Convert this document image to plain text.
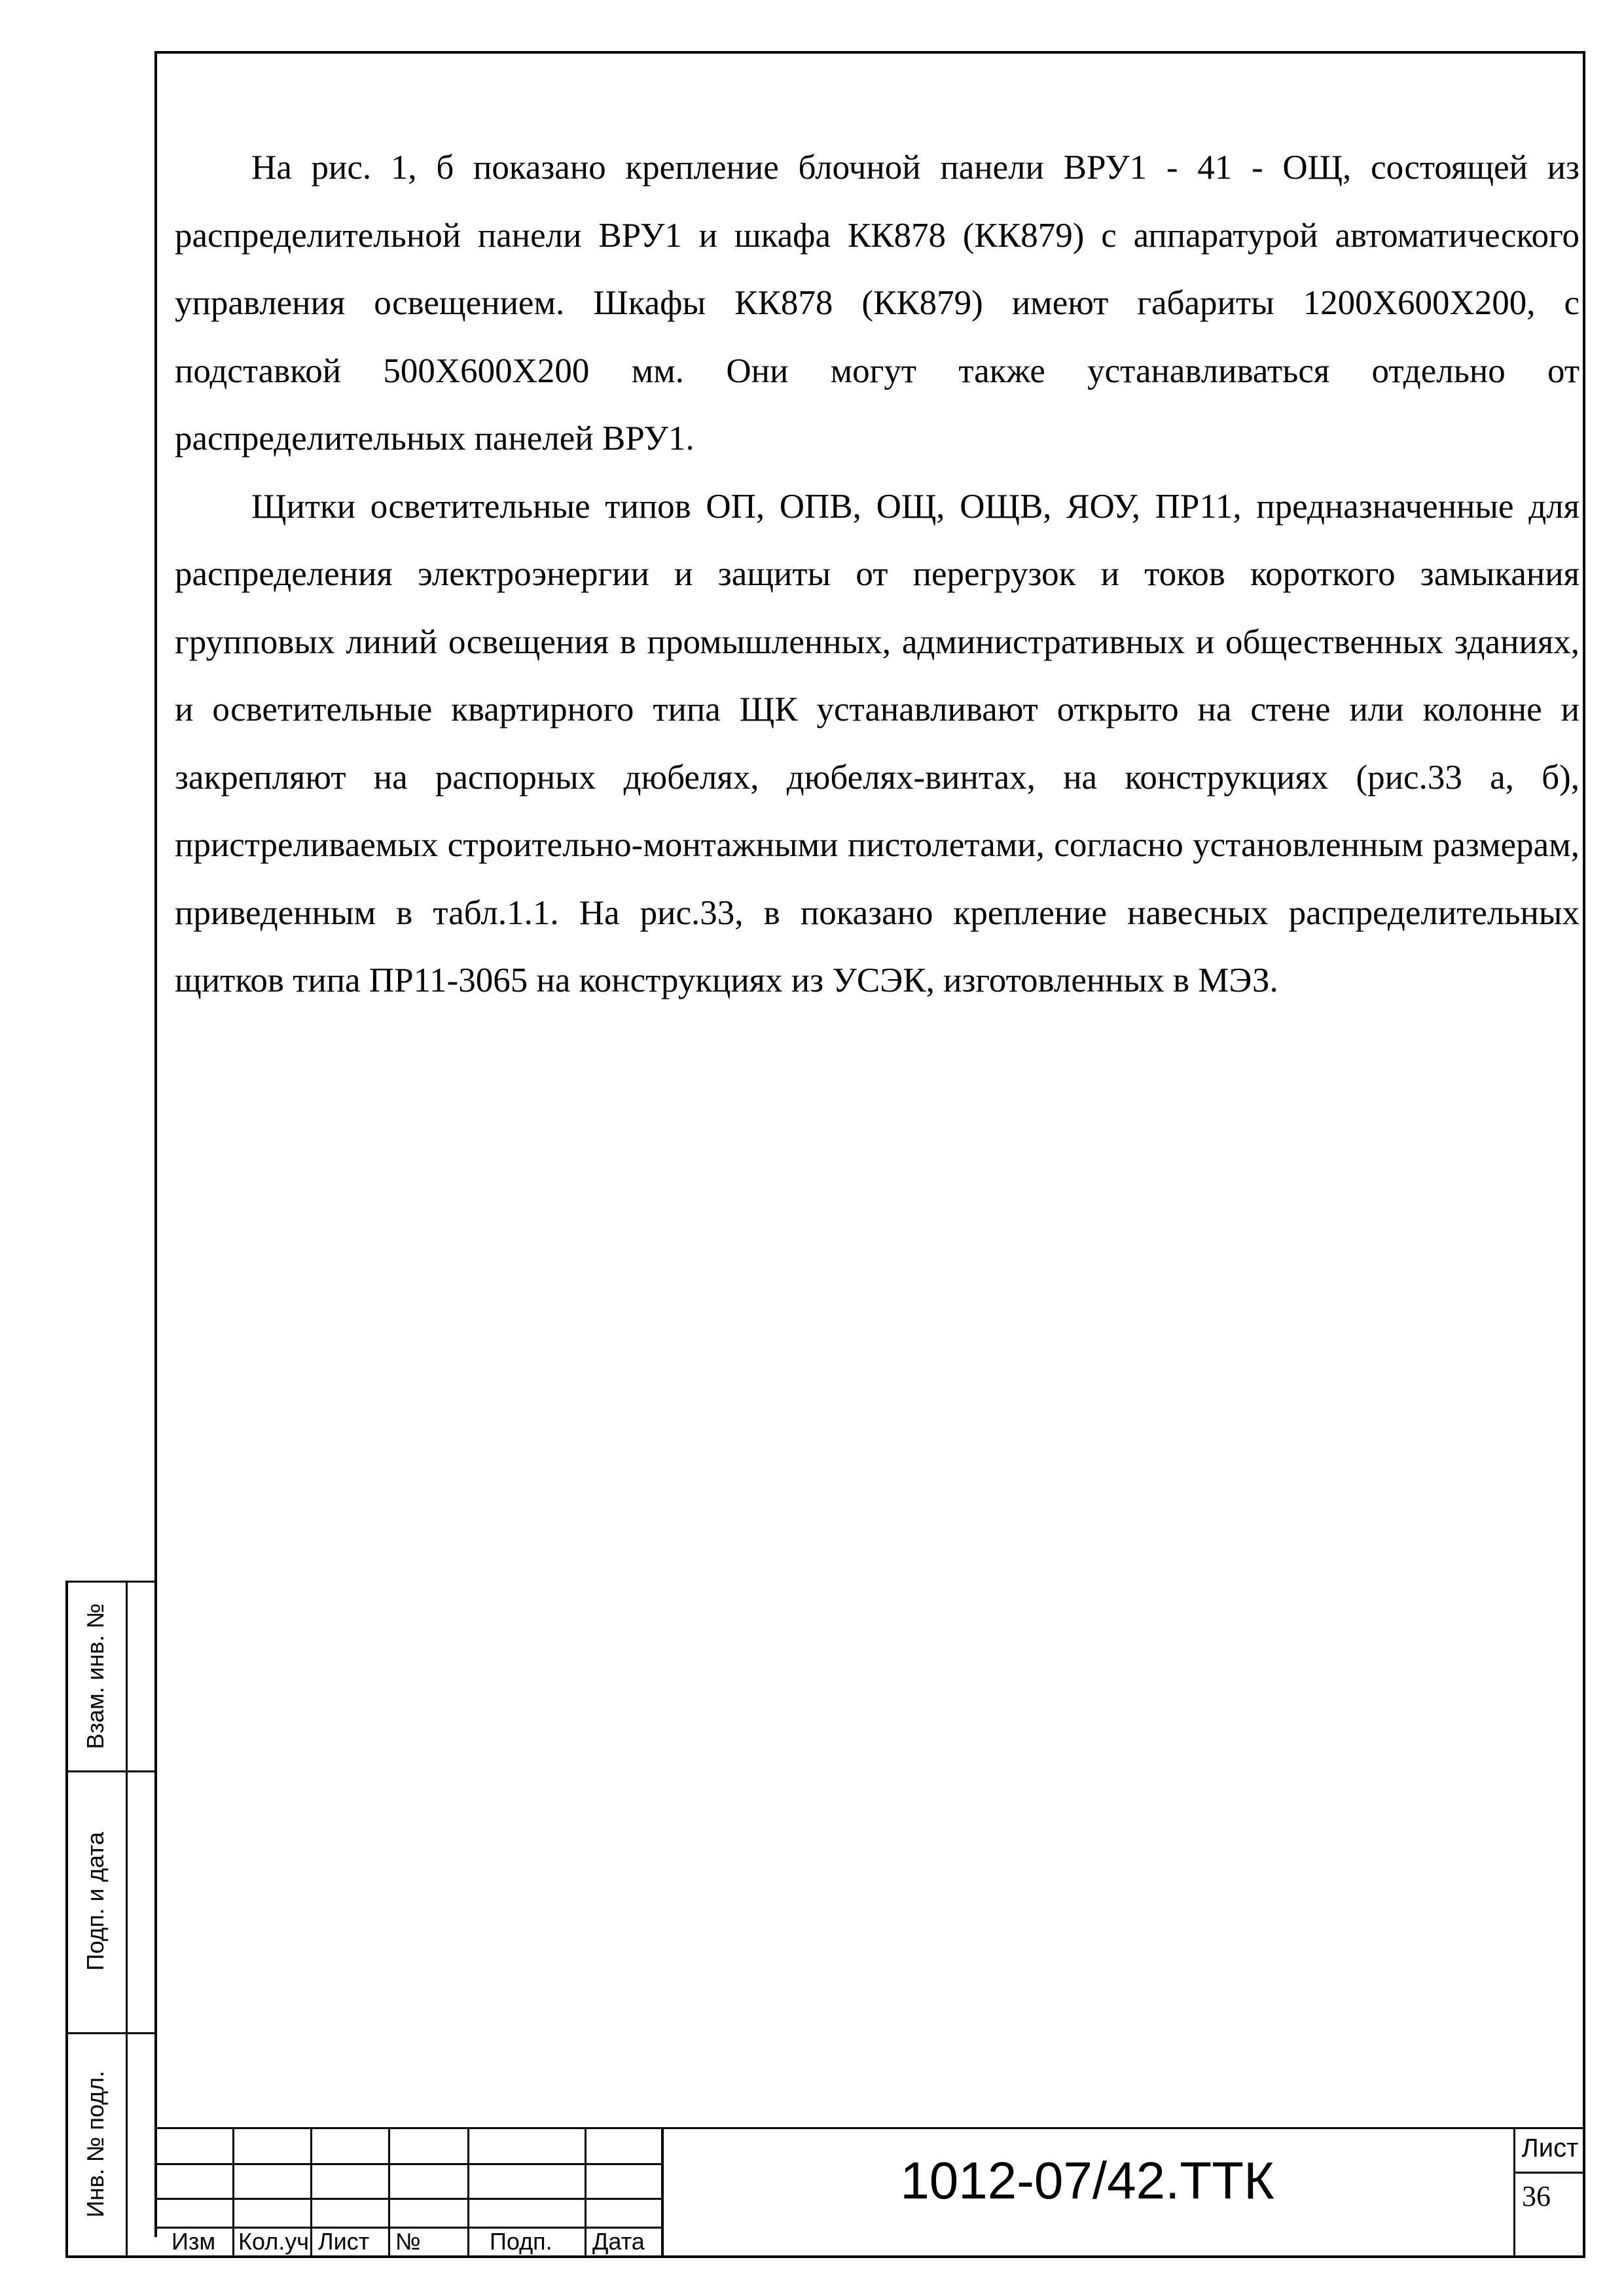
На рис. 1, б показано крепление блочной панели ВРУ1 - 41 - ОЩ, состоящей из распределительной панели ВРУ1 и шкафа КК878 (КК879) с аппаратурой автоматического управления освещением. Шкафы КК878 (КК879) имеют габариты 1200Х600Х200, с подставкой 500Х600Х200 мм. Они могут также устанавливаться отдельно от распределительных панелей ВРУ1.

Щитки осветительные типов ОП, ОПВ, ОЩ, ОЩВ, ЯОУ, ПР11, предназначенные для распределения электроэнергии и защиты от перегрузок и токов короткого замыкания групповых линий освещения в промышленных, административных и общественных зданиях, и осветительные квартирного типа ЩК устанавливают открыто на стене или колонне и закрепляют на распорных дюбелях, дюбелях-винтах, на конструкциях (рис.33 а, б), пристреливаемых строительно-монтажными пистолетами, согласно установленным размерам, приведенным в табл.1.1. На рис.33, в показано крепление навесных распределительных щитков типа ПР11-3065 на конструкциях из УСЭК, изготовленных в МЭЗ.

Взам. инв. №
Подп. и дата
Инв. № подл.
Изм Кол.уч Лист №	Подп. Дата
1012-07/42.ТТК
Лист
36
